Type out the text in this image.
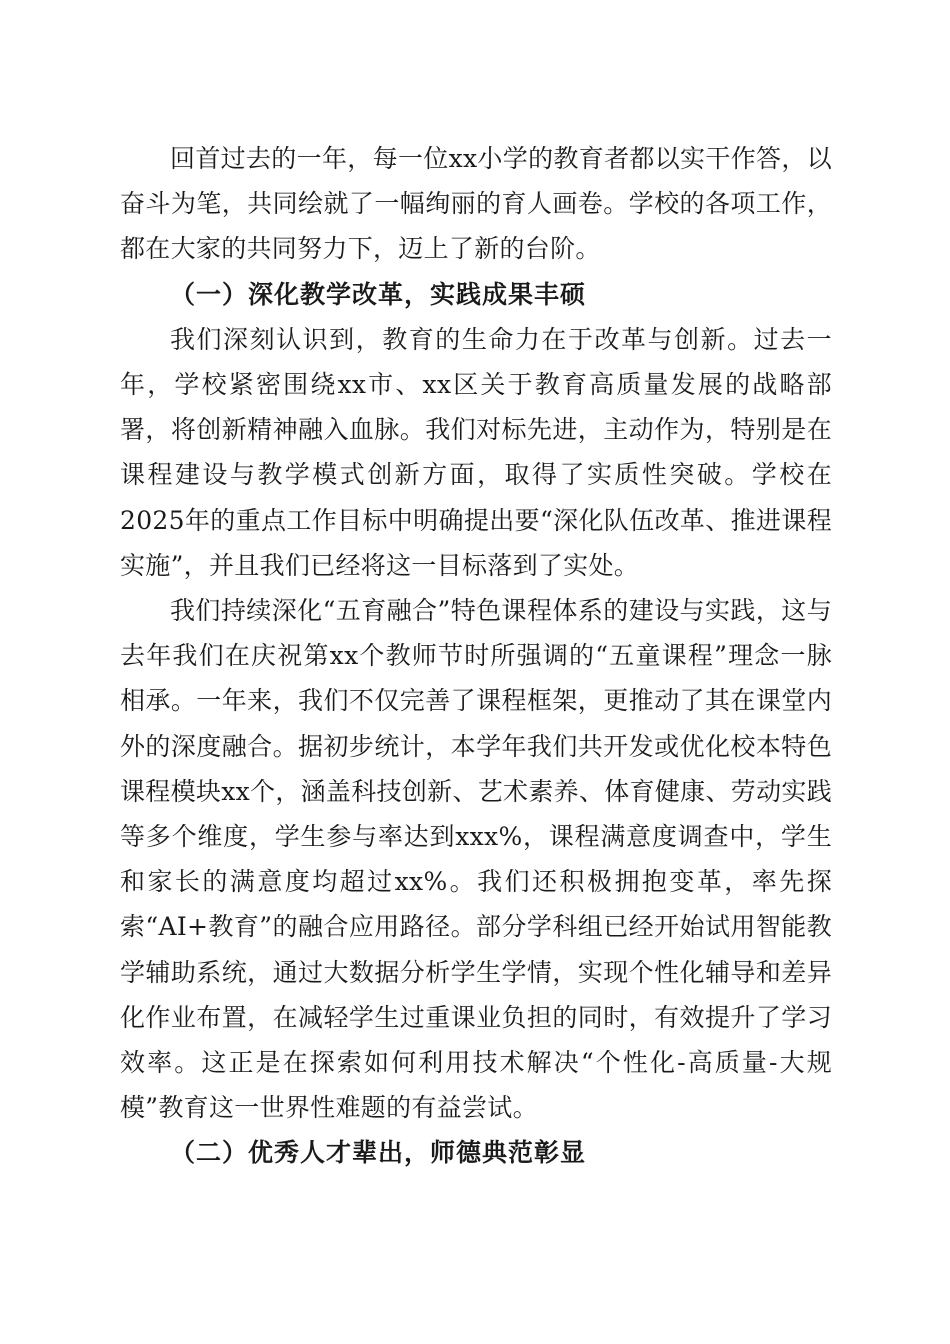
回首过去的一年，每一位xx小学的教育者都以实干作答，以奋斗为笔，共同绘就了一幅绚丽的育人画卷。学校的各项工作，都在大家的共同努力下，迈上了新的台阶。

（一）深化教学改革，实践成果丰硕

我们深刻认识到，教育的生命力在于改革与创新。过去一年，学校紧密围绕xx市、xx区关于教育高质量发展的战略部署，将创新精神融入血脉。我们对标先进，主动作为，特别是在课程建设与教学模式创新方面，取得了实质性突破。学校在2025年的重点工作目标中明确提出要“深化队伍改革、推进课程实施”，并且我们已经将这一目标落到了实处。

我们持续深化“五育融合”特色课程体系的建设与实践，这与去年我们在庆祝第xx个教师节时所强调的“五童课程”理念一脉相承。一年来，我们不仅完善了课程框架，更推动了其在课堂内外的深度融合。据初步统计，本学年我们共开发或优化校本特色课程模块xx个，涵盖科技创新、艺术素养、体育健康、劳动实践等多个维度，学生参与率达到xxx%，课程满意度调查中，学生和家长的满意度均超过xx%。我们还积极拥抱变革，率先探索“AI+教育”的融合应用路径。部分学科组已经开始试用智能教学辅助系统，通过大数据分析学生学情，实现个性化辅导和差异化作业布置，在减轻学生过重课业负担的同时，有效提升了学习效率。这正是在探索如何利用技术解决“个性化-高质量-大规模”教育这一世界性难题的有益尝试。

（二）优秀人才辈出，师德典范彰显
